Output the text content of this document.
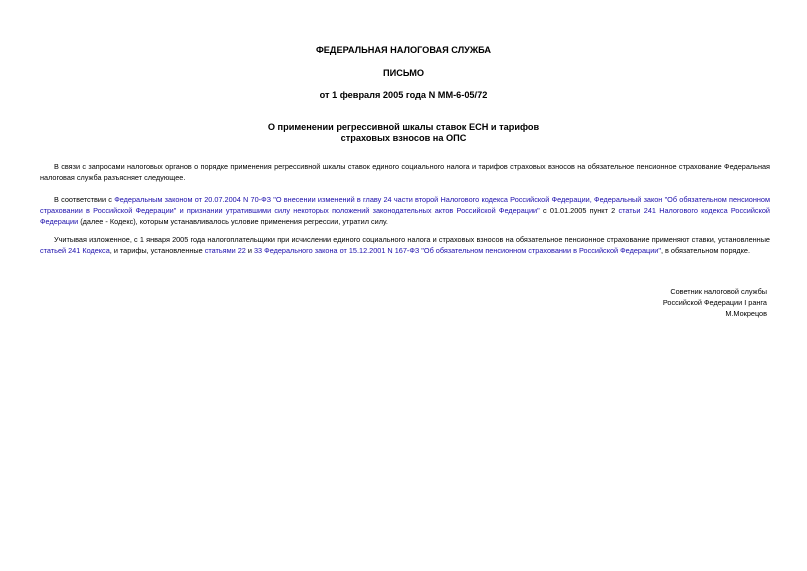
ФЕДЕРАЛЬНАЯ НАЛОГОВАЯ СЛУЖБА
ПИСЬМО
от 1 февраля 2005 года N ММ-6-05/72
О применении регрессивной шкалы ставок ЕСН и тарифов
страховых взносов на ОПС

В связи с запросами налоговых органов о порядке применения регрессивной шкалы ставок единого социального налога и тарифов страховых взносов на обязательное пенсионное страхование Федеральная налоговая служба разъясняет следующее.

В соответствии с Федеральным законом от 20.07.2004 N 70-ФЗ "О внесении изменений в главу 24 части второй Налогового кодекса Российской Федерации, Федеральный закон "Об обязательном пенсионном страховании в Российской Федерации" и признании утратившими силу некоторых положений законодательных актов Российской Федерации" с 01.01.2005 пункт 2 статьи 241 Налогового кодекса Российской Федерации (далее - Кодекс), которым устанавливалось условие применения регрессии, утратил силу.

Учитывая изложенное, с 1 января 2005 года налогоплательщики при исчислении единого социального налога и страховых взносов на обязательное пенсионное страхование применяют ставки, установленные статьей 241 Кодекса, и тарифы, установленные статьями 22 и 33 Федерального закона от 15.12.2001 N 167-ФЗ "Об обязательном пенсионном страховании в Российской Федерации", в обязательном порядке.

Советник налоговой службы
Российской Федерации I ранга
М.Мокрецов
